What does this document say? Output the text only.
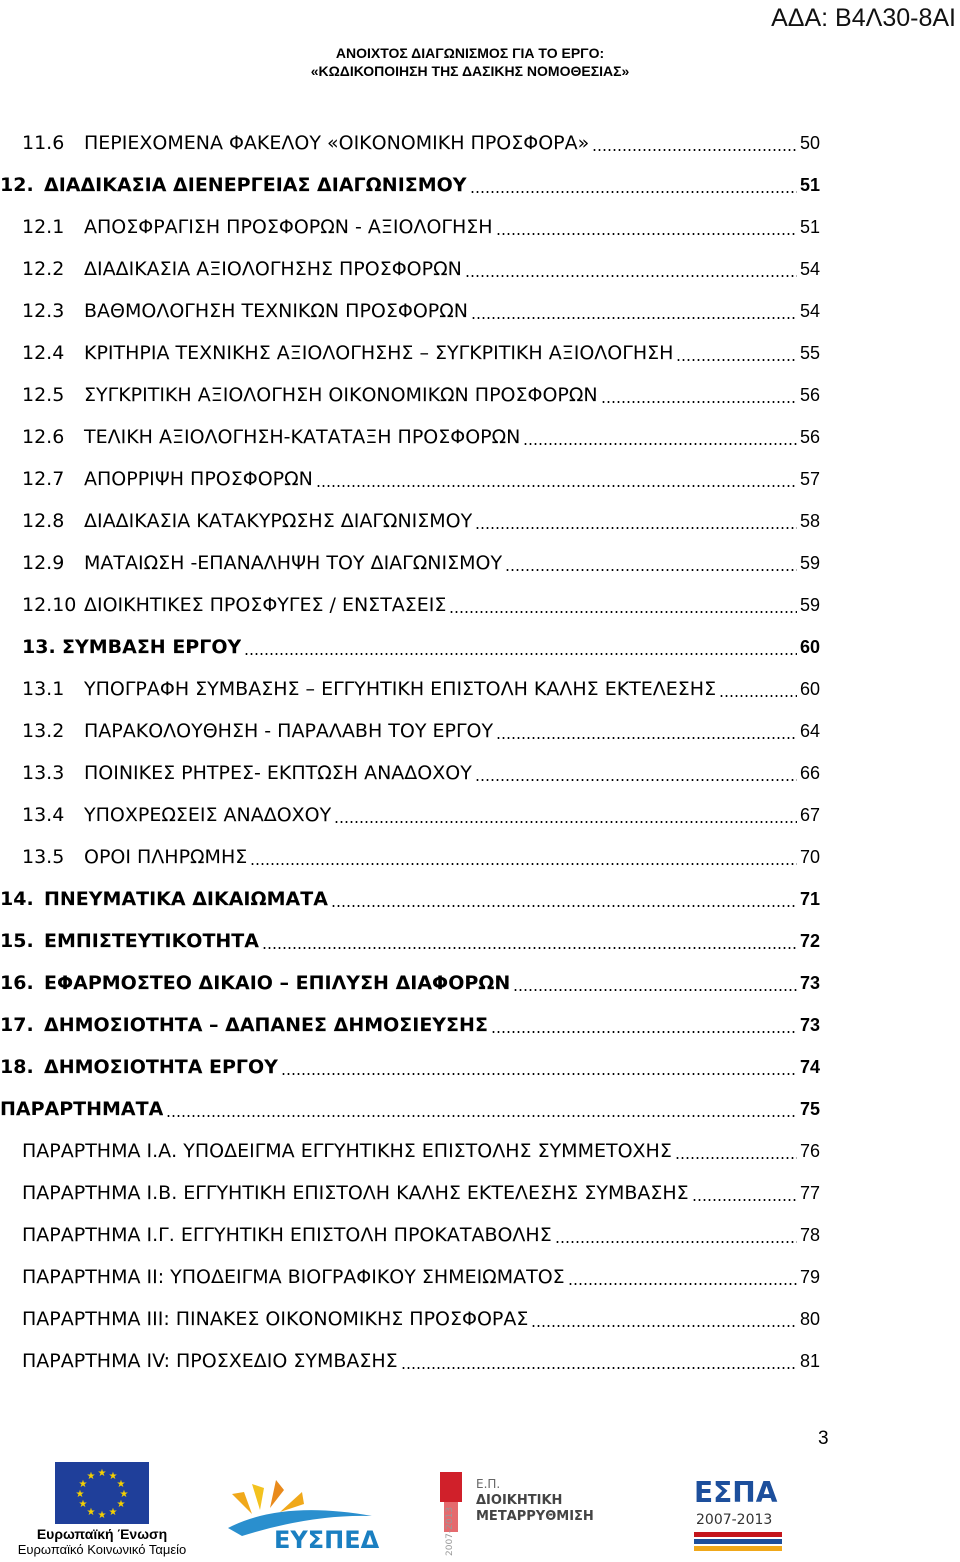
ΑΔΑ: Β4Λ30-8ΑΙ
ΑΝΟΙΧΤΟΣ ΔΙΑΓΩΝΙΣΜΟΣ ΓΙΑ ΤΟ ΕΡΓΟ:
«ΚΩΔΙΚΟΠΟΙΗΣΗ ΤΗΣ ΔΑΣΙΚΗΣ ΝΟΜΟΘΕΣΙΑΣ»
11.6	ΠΕΡΙΕΧΟΜΕΝΑ ΦΑΚΕΛΟΥ «ΟΙΚΟΝΟΜΙΚΗ ΠΡΟΣΦΟΡΑ»	50
12. ΔΙΑΔΙΚΑΣΙΑ ΔΙΕΝΕΡΓΕΙΑΣ ΔΙΑΓΩΝΙΣΜΟΥ	51
12.1	ΑΠΟΣΦΡΑΓΙΣΗ ΠΡΟΣΦΟΡΩΝ - ΑΞΙΟΛΟΓΗΣΗ	51
12.2	ΔΙΑΔΙΚΑΣΙΑ ΑΞΙΟΛΟΓΗΣΗΣ ΠΡΟΣΦΟΡΩΝ	54
12.3	ΒΑΘΜΟΛΟΓΗΣΗ ΤΕΧΝΙΚΩΝ ΠΡΟΣΦΟΡΩΝ	54
12.4	ΚΡΙΤΗΡΙΑ ΤΕΧΝΙΚΗΣ ΑΞΙΟΛΟΓΗΣΗΣ – ΣΥΓΚΡΙΤΙΚΗ ΑΞΙΟΛΟΓΗΣΗ	55
12.5	ΣΥΓΚΡΙΤΙΚΗ ΑΞΙΟΛΟΓΗΣΗ ΟΙΚΟΝΟΜΙΚΩΝ ΠΡΟΣΦΟΡΩΝ	56
12.6	ΤΕΛΙΚΗ ΑΞΙΟΛΟΓΗΣΗ-ΚΑΤΑΤΑΞΗ ΠΡΟΣΦΟΡΩΝ	56
12.7	ΑΠΟΡΡΙΨΗ ΠΡΟΣΦΟΡΩΝ	57
12.8	ΔΙΑΔΙΚΑΣΙΑ ΚΑΤΑΚΥΡΩΣΗΣ ΔΙΑΓΩΝΙΣΜΟΥ	58
12.9	ΜΑΤΑΙΩΣΗ -ΕΠΑΝΑΛΗΨΗ ΤΟΥ ΔΙΑΓΩΝΙΣΜΟΥ	59
12.10 ΔΙΟΙΚΗΤΙΚΕΣ ΠΡΟΣΦΥΓΕΣ / ΕΝΣΤΑΣΕΙΣ	59
13. ΣΥΜΒΑΣΗ ΕΡΓΟΥ	60
13.1	ΥΠΟΓΡΑΦΗ ΣΥΜΒΑΣΗΣ – ΕΓΓΥΗΤΙΚΗ ΕΠΙΣΤΟΛΗ ΚΑΛΗΣ ΕΚΤΕΛΕΣΗΣ	60
13.2	ΠΑΡΑΚΟΛΟΥΘΗΣΗ - ΠΑΡΑΛΑΒΗ ΤΟΥ ΕΡΓΟΥ	64
13.3	ΠΟΙΝΙΚΕΣ ΡΗΤΡΕΣ- ΕΚΠΤΩΣΗ ΑΝΑΔΟΧΟΥ	66
13.4	ΥΠΟΧΡΕΩΣΕΙΣ ΑΝΑΔΟΧΟΥ	67
13.5	ΟΡΟΙ ΠΛΗΡΩΜΗΣ	70
14. ΠΝΕΥΜΑΤΙΚΑ ΔΙΚΑΙΩΜΑΤΑ	71
15. ΕΜΠΙΣΤΕΥΤΙΚΟΤΗΤΑ	72
16. ΕΦΑΡΜΟΣΤΕΟ ΔΙΚΑΙΟ – ΕΠΙΛΥΣΗ ΔΙΑΦΟΡΩΝ	73
17. ΔΗΜΟΣΙΟΤΗΤΑ – ΔΑΠΑΝΕΣ ΔΗΜΟΣΙΕΥΣΗΣ	73
18. ΔΗΜΟΣΙΟΤΗΤΑ ΕΡΓΟΥ	74
ΠΑΡΑΡΤΗΜΑΤΑ	75
ΠΑΡΑΡΤΗΜΑ Ι.Α. ΥΠΟΔΕΙΓΜΑ ΕΓΓΥΗΤΙΚΗΣ ΕΠΙΣΤΟΛΗΣ ΣΥΜΜΕΤΟΧΗΣ	76
ΠΑΡΑΡΤΗΜΑ Ι.Β. ΕΓΓΥΗΤΙΚΗ ΕΠΙΣΤΟΛΗ ΚΑΛΗΣ ΕΚΤΕΛΕΣΗΣ ΣΥΜΒΑΣΗΣ	77
ΠΑΡΑΡΤΗΜΑ Ι.Γ. ΕΓΓΥΗΤΙΚΗ ΕΠΙΣΤΟΛΗ ΠΡΟΚΑΤΑΒΟΛΗΣ	78
ΠΑΡΑΡΤΗΜΑ ΙΙ: ΥΠΟΔΕΙΓΜΑ ΒΙΟΓΡΑΦΙΚΟΥ ΣΗΜΕΙΩΜΑΤΟΣ	79
ΠΑΡΑΡΤΗΜΑ ΙΙΙ: ΠΙΝΑΚΕΣ ΟΙΚΟΝΟΜΙΚΗΣ ΠΡΟΣΦΟΡΑΣ	80
ΠΑΡΑΡΤΗΜΑ IV: ΠΡΟΣΧΕΔΙΟ ΣΥΜΒΑΣΗΣ	81
3
★ ★
★
★
★
★
★
★
★
★
★
★
Ευρωπαϊκή Ένωση
Ευρωπαϊκό Κοινωνικό Ταμείο	ΕΥΣΠΕΔ	2007-2013
Ε.Π.
ΔΙΟΙΚΗΤΙΚΗ
ΜΕΤΑΡΡΥΘΜΙΣΗ
ΕΣΠΑ
2007-2013
